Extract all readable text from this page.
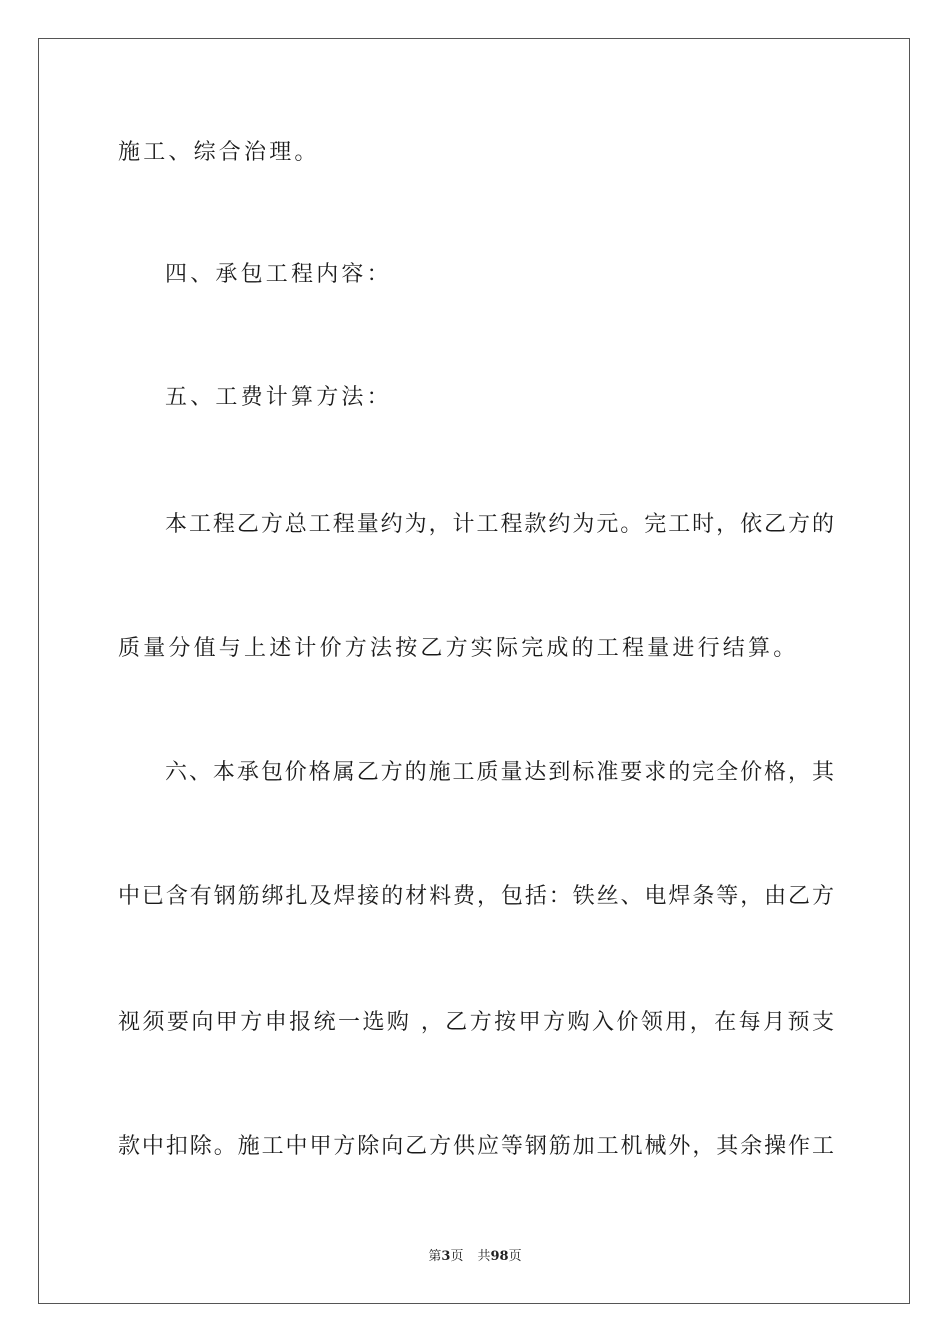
施工、综合治理。
四、承包工程内容：
五、工费计算方法：
本工程乙方总工程量约为，计工程款约为元。完工时，依乙方的
质量分值与上述计价方法按乙方实际完成的工程量进行结算。
六、本承包价格属乙方的施工质量达到标准要求的完全价格，其
中已含有钢筋绑扎及焊接的材料费，包括：铁丝、电焊条等，由乙方
视须要向甲方申报统一选购 ，乙方按甲方购入价领用，在每月预支
款中扣除。施工中甲方除向乙方供应等钢筋加工机械外，其余操作工
第3页 共98页
